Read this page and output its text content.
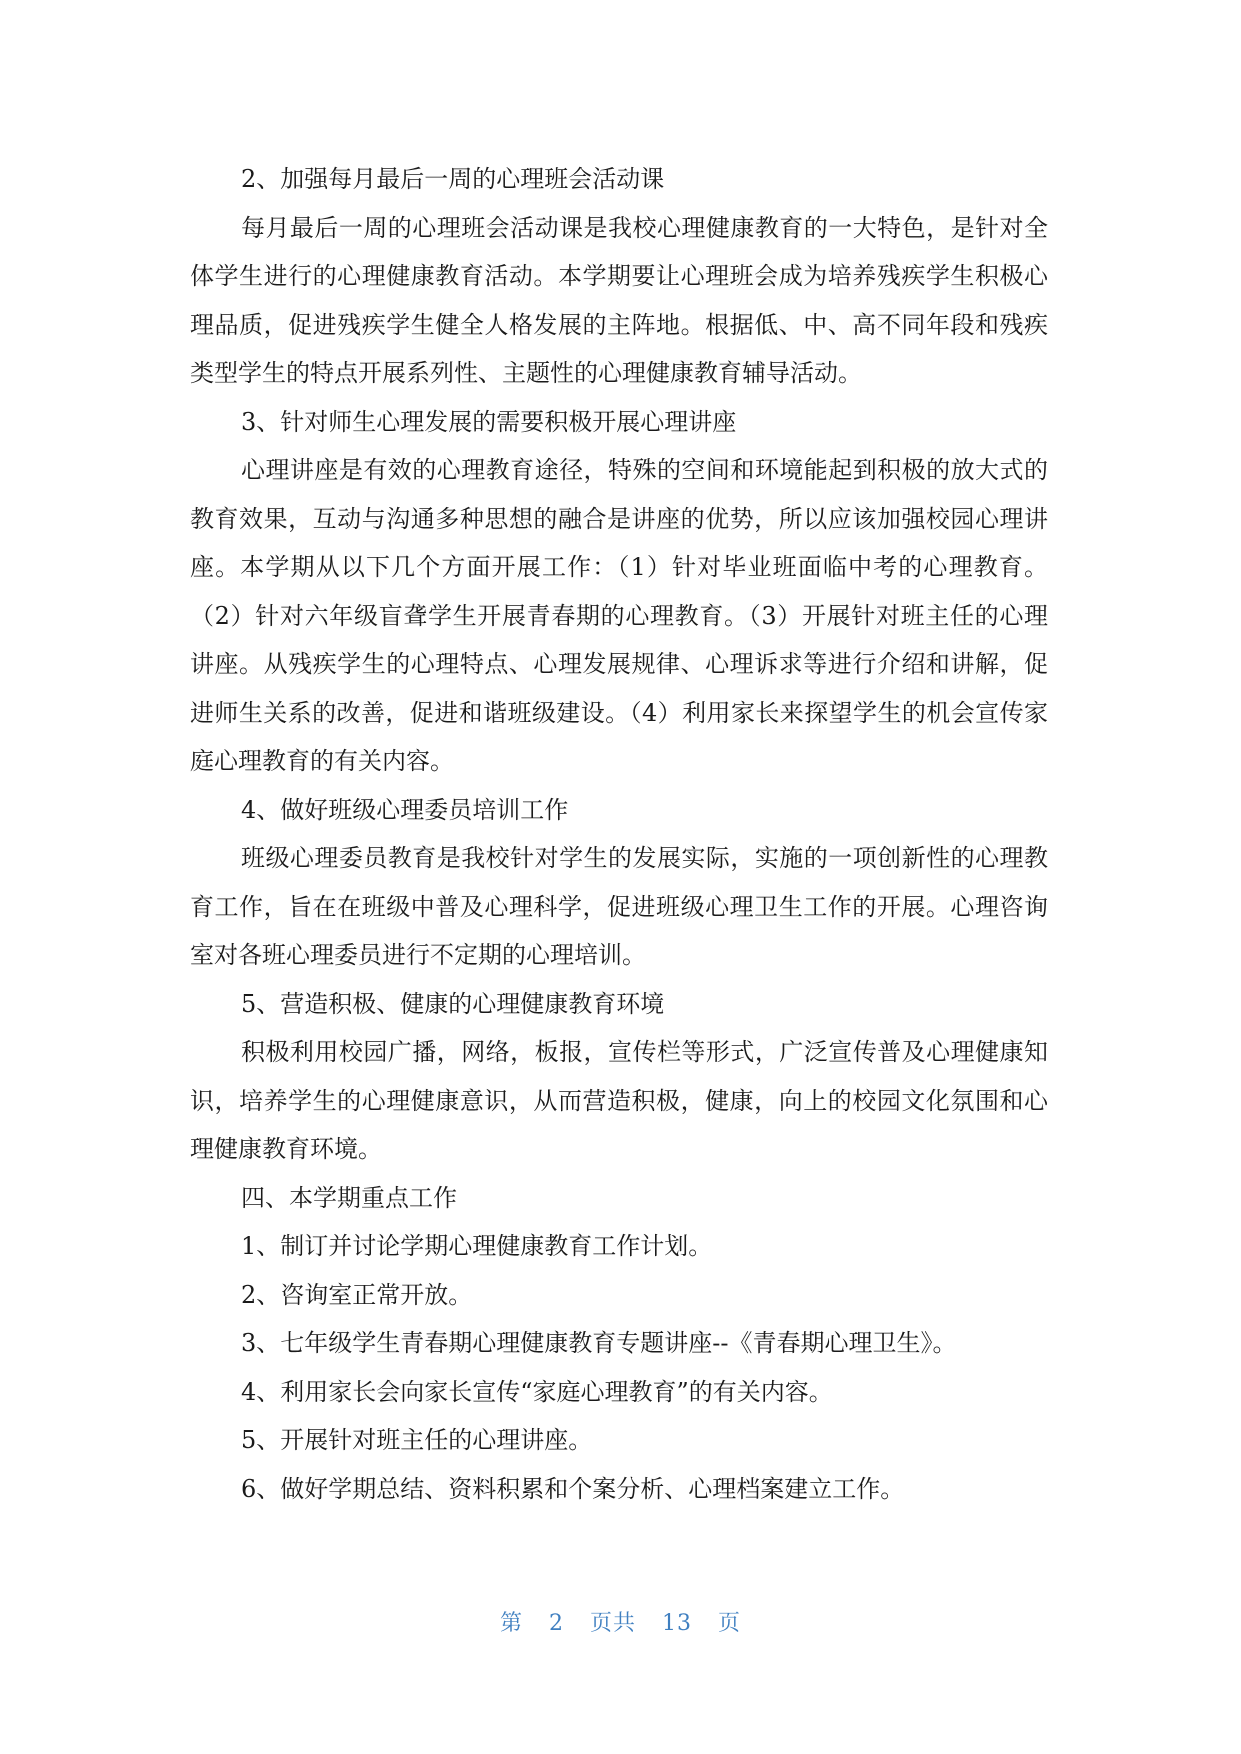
2、加强每月最后一周的心理班会活动课

每月最后一周的心理班会活动课是我校心理健康教育的一大特色，是针对全体学生进行的心理健康教育活动。本学期要让心理班会成为培养残疾学生积极心理品质，促进残疾学生健全人格发展的主阵地。根据低、中、高不同年段和残疾类型学生的特点开展系列性、主题性的心理健康教育辅导活动。

3、针对师生心理发展的需要积极开展心理讲座

心理讲座是有效的心理教育途径，特殊的空间和环境能起到积极的放大式的教育效果，互动与沟通多种思想的融合是讲座的优势，所以应该加强校园心理讲座。本学期从以下几个方面开展工作：（1）针对毕业班面临中考的心理教育。（2）针对六年级盲聋学生开展青春期的心理教育。（3）开展针对班主任的心理讲座。从残疾学生的心理特点、心理发展规律、心理诉求等进行介绍和讲解，促进师生关系的改善，促进和谐班级建设。（4）利用家长来探望学生的机会宣传家庭心理教育的有关内容。

4、做好班级心理委员培训工作

班级心理委员教育是我校针对学生的发展实际，实施的一项创新性的心理教育工作，旨在在班级中普及心理科学，促进班级心理卫生工作的开展。心理咨询室对各班心理委员进行不定期的心理培训。

5、营造积极、健康的心理健康教育环境

积极利用校园广播，网络，板报，宣传栏等形式，广泛宣传普及心理健康知识，培养学生的心理健康意识，从而营造积极，健康，向上的校园文化氛围和心理健康教育环境。

四、本学期重点工作

1、制订并讨论学期心理健康教育工作计划。

2、咨询室正常开放。

3、七年级学生青春期心理健康教育专题讲座--《青春期心理卫生》。

4、利用家长会向家长宣传“家庭心理教育”的有关内容。

5、开展针对班主任的心理讲座。

6、做好学期总结、资料积累和个案分析、心理档案建立工作。

第 2 页共 13 页
